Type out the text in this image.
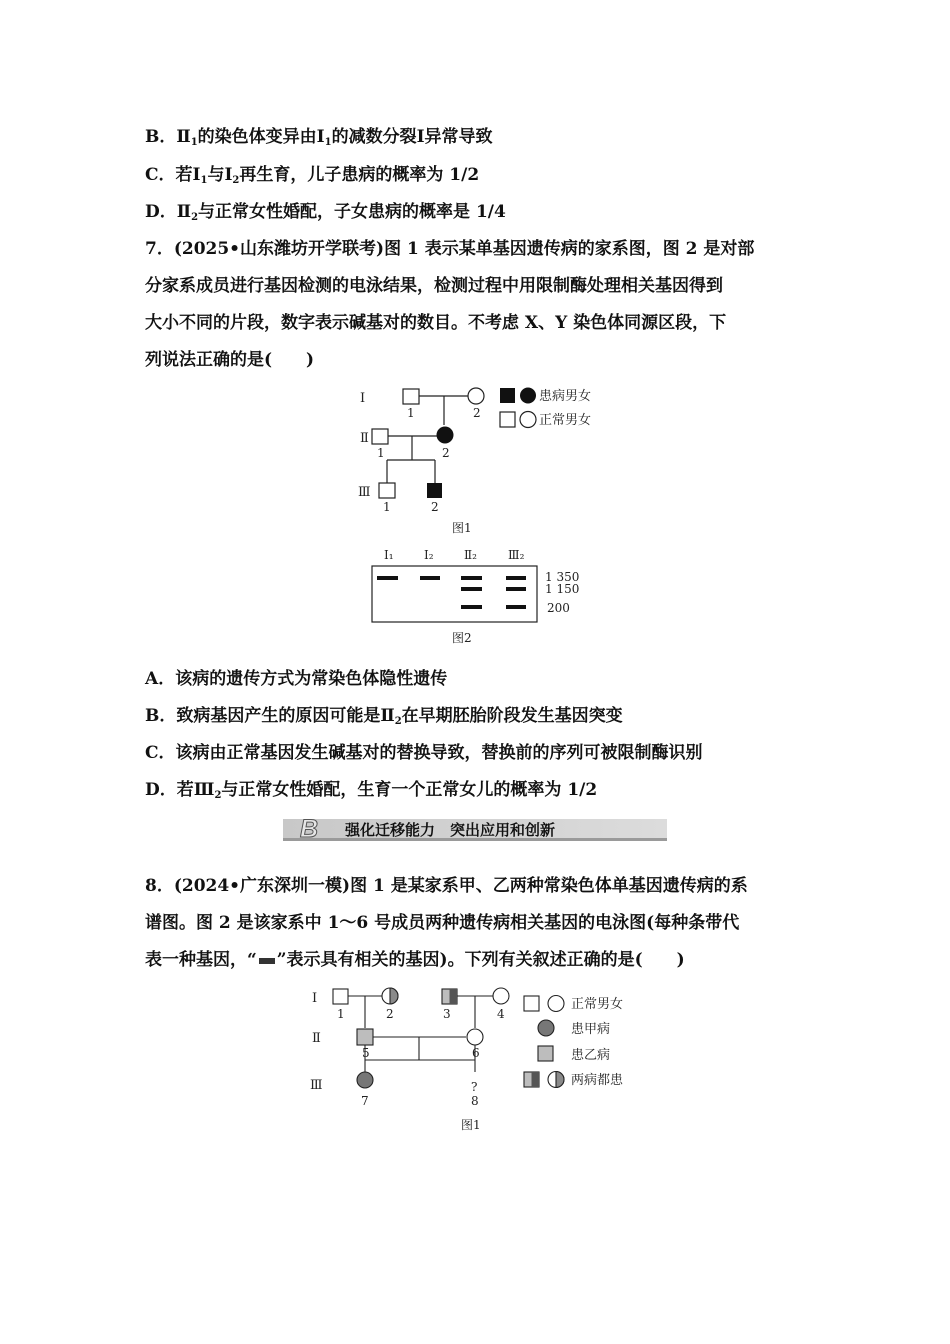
B．$Ⅱ_1$的染色体变异由$Ⅰ_1$的减数分裂Ⅰ异常导致
C．若$Ⅰ_1$与$Ⅰ_2$再生育，儿子患病的概率为 1/2
D．$Ⅱ_2$与正常女性婚配，子女患病的概率是 1/4
7．(2025•山东潍坊开学联考)图 1 表示某单基因遗传病的家系图，图 2 是对部
分家系成员进行基因检测的电泳结果，检测过程中用限制酶处理相关基因得到
大小不同的片段，数字表示碱基对的数目。不考虑 X、Y 染色体同源区段，下
列说法正确的是(　　)
Ⅰ
Ⅱ
Ⅲ
1	2
1	2
1	2
患病男女
正常男女
图1
Ⅰ₁	Ⅰ₂	Ⅱ₂	Ⅲ₂
1 350
1 150
200
图2
A．该病的遗传方式为常染色体隐性遗传
B．致病基因产生的原因可能是$Ⅱ_2$在早期胚胎阶段发生基因突变
C．该病由正常基因发生碱基对的替换导致，替换前的序列可被限制酶识别
D．若$Ⅲ_2$与正常女性婚配，生育一个正常女儿的概率为 1/2
B 强化迁移能力　突出应用和创新
8．(2024•广东深圳一模)图 1 是某家系甲、乙两种常染色体单基因遗传病的系
谱图。图 2 是该家系中 1～6 号成员两种遗传病相关基因的电泳图(每种条带代
表一种基因，“ ”表示具有相关的基因)。下列有关叙述正确的是(　　)
Ⅰ
Ⅱ
Ⅲ	?
1	2	3	4
5	6
7	8
正常男女
患甲病
患乙病
两病都患
图1
